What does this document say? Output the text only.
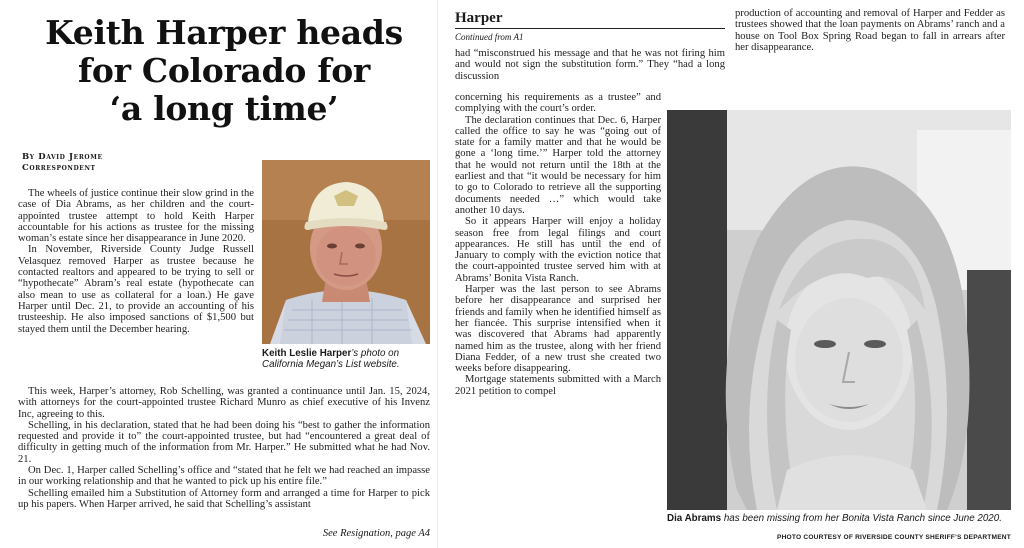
Keith Harper heads
for Colorado for
‘a long time’
By David Jerome
Correspondent

The wheels of justice continue their slow grind in the case of Dia Abrams, as her children and the court-appointed trustee attempt to hold Keith Harper accountable for his actions as trustee for the missing woman’s estate since her disappearance in June 2020.

In November, Riverside County Judge Russell Velasquez removed Harper as trustee because he contacted realtors and appeared to be trying to sell or “hypothecate” Abram’s real estate (hypothecate can also mean to use as collateral for a loan.) He gave Harper until Dec. 21, to provide an accounting of his trusteeship. He also imposed sanctions of $1,500 but stayed them until the December hearing.

Keith Leslie Harper’s photo on California Megan’s List website.

This week, Harper’s attorney, Rob Schelling, was granted a continuance until Jan. 15, 2024, with attorneys for the court-appointed trustee Richard Munro as chief executive of his Invenz Inc, agreeing to this.

Schelling, in his declaration, stated that he had been doing his “best to gather the information requested and provide it to” the court-appointed trustee, but had “encountered a great deal of difficulty in getting much of the information from Mr. Harper.” He submitted what he had Nov. 21.

On Dec. 1, Harper called Schelling’s office and “stated that he felt we had reached an impasse in our working relationship and that he wanted to pick up his entire file.”

Schelling emailed him a Substitution of Attorney form and arranged a time for Harper to pick up his papers. When Harper arrived, he said that Schelling’s assistant

See Resignation, page A4
Harper
Continued from A1

had “misconstrued his message and that he was not firing him and would not sign the substitution form.” They “had a long discussion

concerning his requirements as a trustee” and complying with the court’s order.

The declaration continues that Dec. 6, Harper called the office to say he was “going out of state for a family matter and that he would be gone a ‘long time.’” Harper told the attorney that he would not return until the 18th at the earliest and that “it would be necessary for him to go to Colorado to retrieve all the supporting documents needed …” which would take another 10 days.

So it appears Harper will enjoy a holiday season free from legal filings and court appearances. He still has until the end of January to comply with the eviction notice that the court-appointed trustee served him with at Abrams’ Bonita Vista Ranch.

Harper was the last person to see Abrams before her disappearance and surprised her friends and family when he identified himself as her fiancée. This surprise intensified when it was discovered that Abrams had apparently named him as the trustee, along with her friend Diana Fedder, of a new trust she created two weeks before disappearing.

Mortgage statements submitted with a March 2021 petition to compel

production of accounting and removal of Harper and Fedder as trustees showed that the loan payments on Abrams’ ranch and a house on Tool Box Spring Road began to fall in arrears after her disappearance.

Dia Abrams has been missing from her Bonita Vista Ranch since June 2020.
PHOTO COURTESY OF RIVERSIDE COUNTY SHERIFF’S DEPARTMENT
